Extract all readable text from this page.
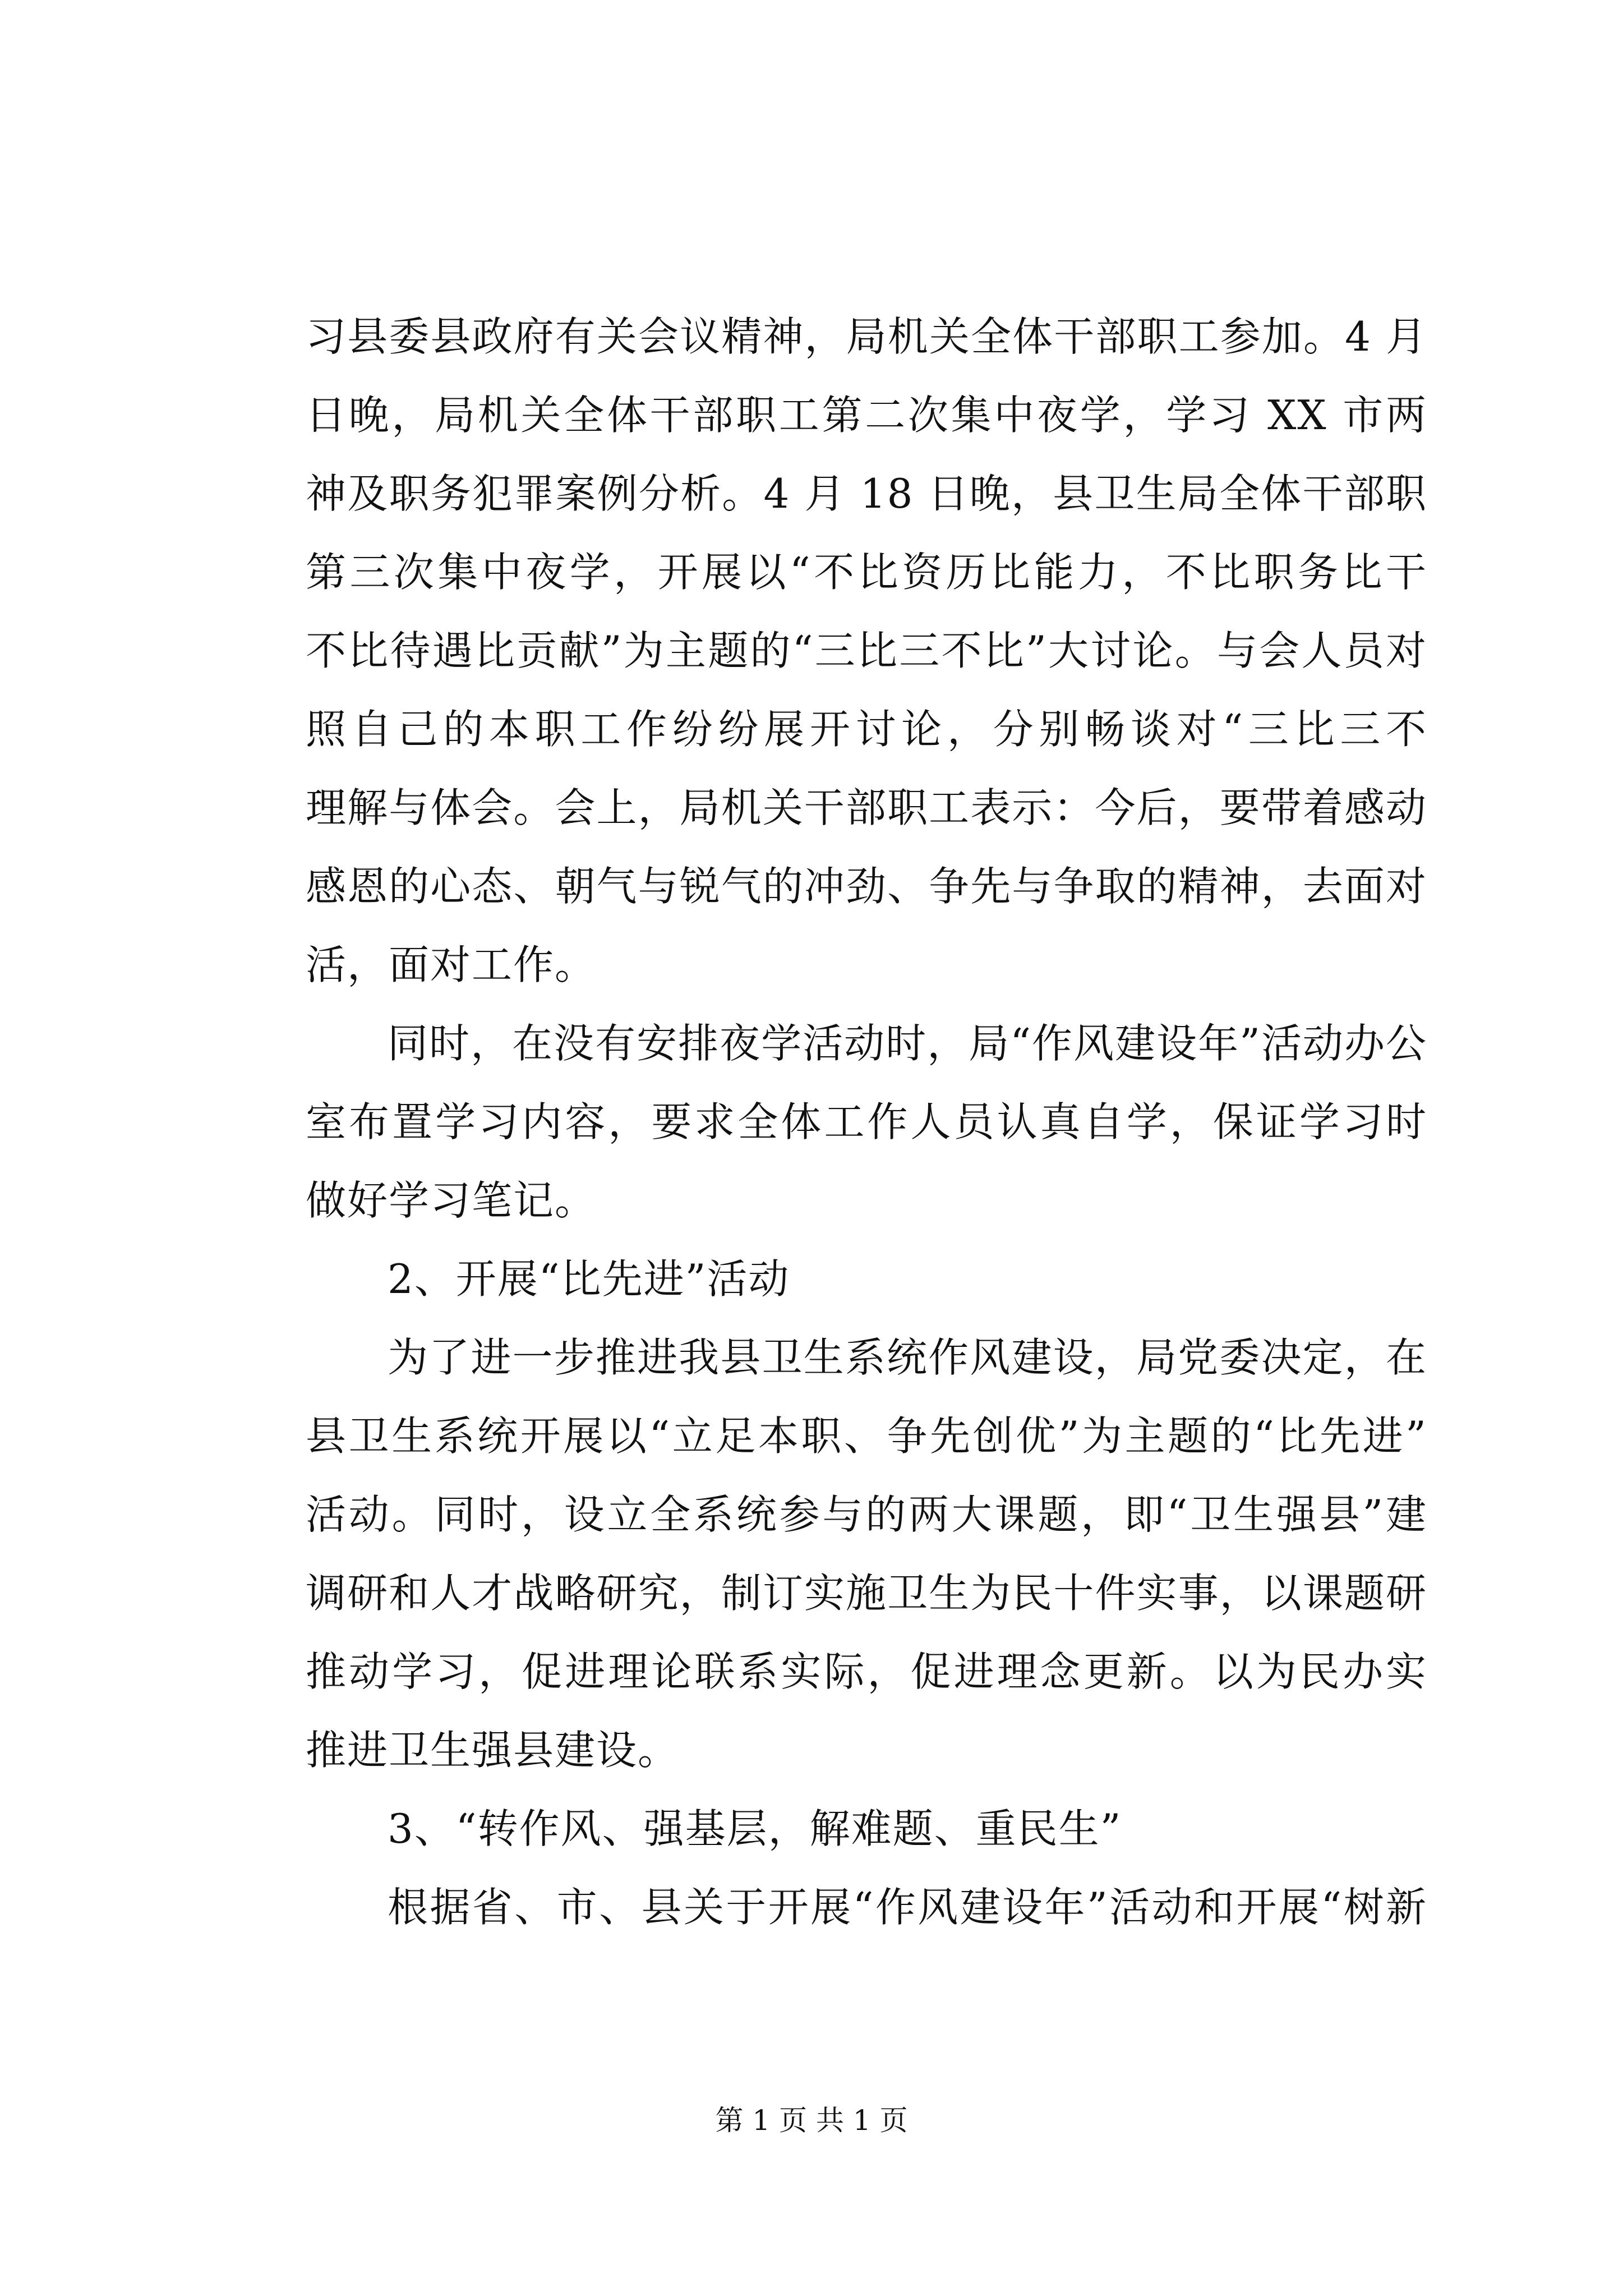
习县委县政府有关会议精神，局机关全体干部职工参加。4 月
日晚，局机关全体干部职工第二次集中夜学，学习 XX 市两
神及职务犯罪案例分析。4 月 18 日晚，县卫生局全体干部职
第三次集中夜学，开展以“不比资历比能力，不比职务比干
不比待遇比贡献”为主题的“三比三不比”大讨论。与会人员对
照自己的本职工作纷纷展开讨论，分别畅谈对“三比三不
理解与体会。会上，局机关干部职工表示：今后，要带着感动
感恩的心态、朝气与锐气的冲劲、争先与争取的精神，去面对
活，面对工作。
同时，在没有安排夜学活动时，局“作风建设年”活动办公
室布置学习内容，要求全体工作人员认真自学，保证学习时
做好学习笔记。
2、开展“比先进”活动
为了进一步推进我县卫生系统作风建设，局党委决定，在
县卫生系统开展以“立足本职、争先创优”为主题的“比先进”
活动。同时，设立全系统参与的两大课题，即“卫生强县”建
调研和人才战略研究，制订实施卫生为民十件实事，以课题研
推动学习，促进理论联系实际，促进理念更新。以为民办实
推进卫生强县建设。
3、“转作风、强基层，解难题、重民生”
根据省、市、县关于开展“作风建设年”活动和开展“树新
第 1 页 共 1 页
